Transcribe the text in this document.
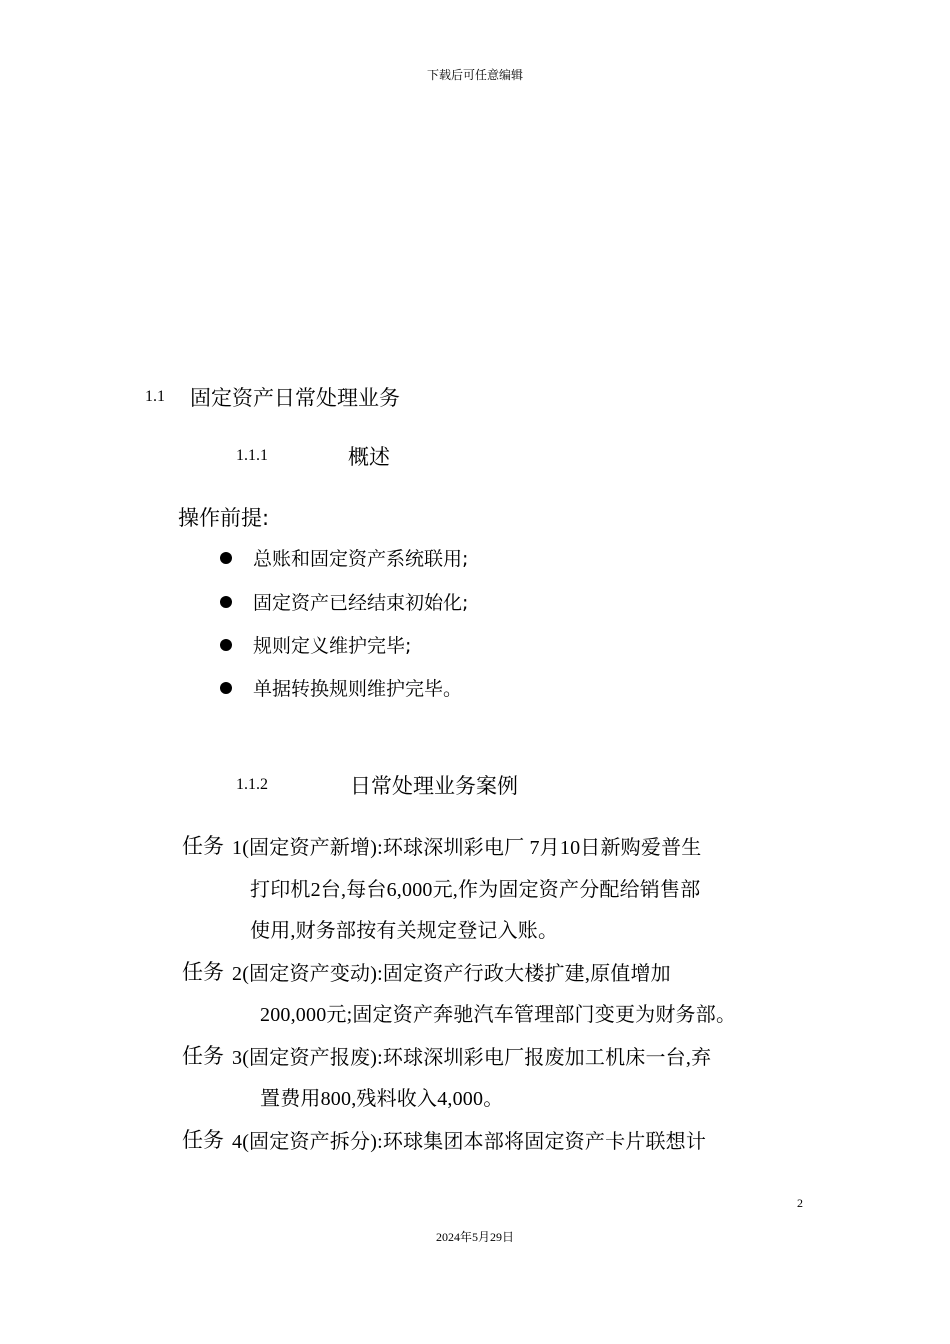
下载后可任意编辑
1.1 固定资产日常处理业务
1.1.1	概述
操作前提:
总账和固定资产系统联用;
固定资产已经结束初始化;
规则定义维护完毕;
单据转换规则维护完毕。
1.1.2	日常处理业务案例
任务 1(固定资产新增):环球深圳彩电厂 7月10日新购爱普生
打印机2台,每台6,000元,作为固定资产分配给销售部
使用,财务部按有关规定登记入账。
任务 2(固定资产变动):固定资产行政大楼扩建,原值增加
200,000元;固定资产奔驰汽车管理部门变更为财务部。
任务 3(固定资产报废):环球深圳彩电厂报废加工机床一台,弃
置费用800,残料收入4,000。
任务 4(固定资产拆分):环球集团本部将固定资产卡片联想计
2
2024年5月29日
